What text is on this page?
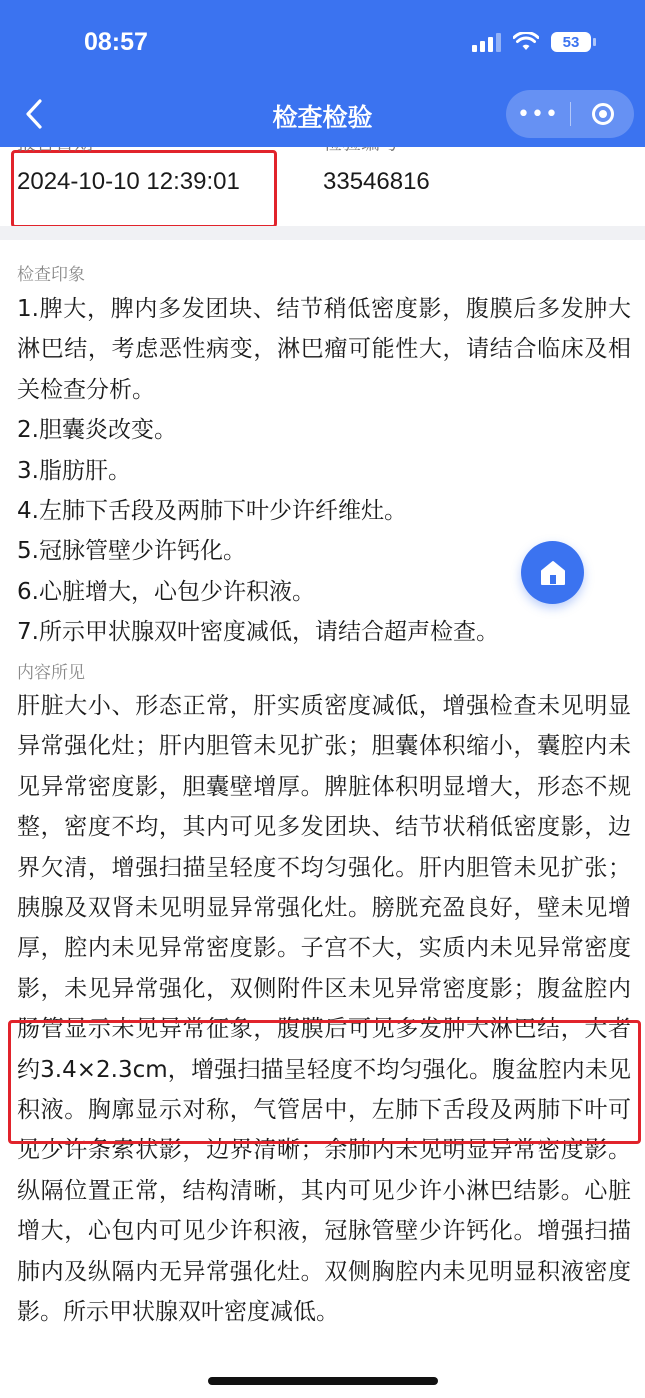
08:57	53
检查检验	•••
2024-10-10 12:39:01	33546816
检查印象
1.脾大，脾内多发团块、结节稍低密度影，腹膜后多发肿大淋巴结，考虑恶性病变，淋巴瘤可能性大，请结合临床及相关检查分析。
2.胆囊炎改变。
3.脂肪肝。
4.左肺下舌段及两肺下叶少许纤维灶。
5.冠脉管壁少许钙化。
6.心脏增大，心包少许积液。
7.所示甲状腺双叶密度减低，请结合超声检查。
内容所见

肝脏大小、形态正常，肝实质密度减低，增强检查未见明显异常强化灶；肝内胆管未见扩张；胆囊体积缩小，囊腔内未见异常密度影，胆囊壁增厚。脾脏体积明显增大，形态不规整，密度不均，其内可见多发团块、结节状稍低密度影，边界欠清，增强扫描呈轻度不均匀强化。肝内胆管未见扩张；胰腺及双肾未见明显异常强化灶。膀胱充盈良好，壁未见增厚，腔内未见异常密度影。子宫不大，实质内未见异常密度影，未见异常强化，双侧附件区未见异常密度影；腹盆腔内肠管显示未见异常征象，腹膜后可见多发肿大淋巴结，大者约3.4×2.3cm，增强扫描呈轻度不均匀强化。腹盆腔内未见积液。胸廓显示对称，气管居中，左肺下舌段及两肺下叶可见少许条索状影，边界清晰；余肺内未见明显异常密度影。纵隔位置正常，结构清晰，其内可见少许小淋巴结影。心脏增大，心包内可见少许积液，冠脉管壁少许钙化。增强扫描肺内及纵隔内无异常强化灶。双侧胸腔内未见明显积液密度影。所示甲状腺双叶密度减低。
